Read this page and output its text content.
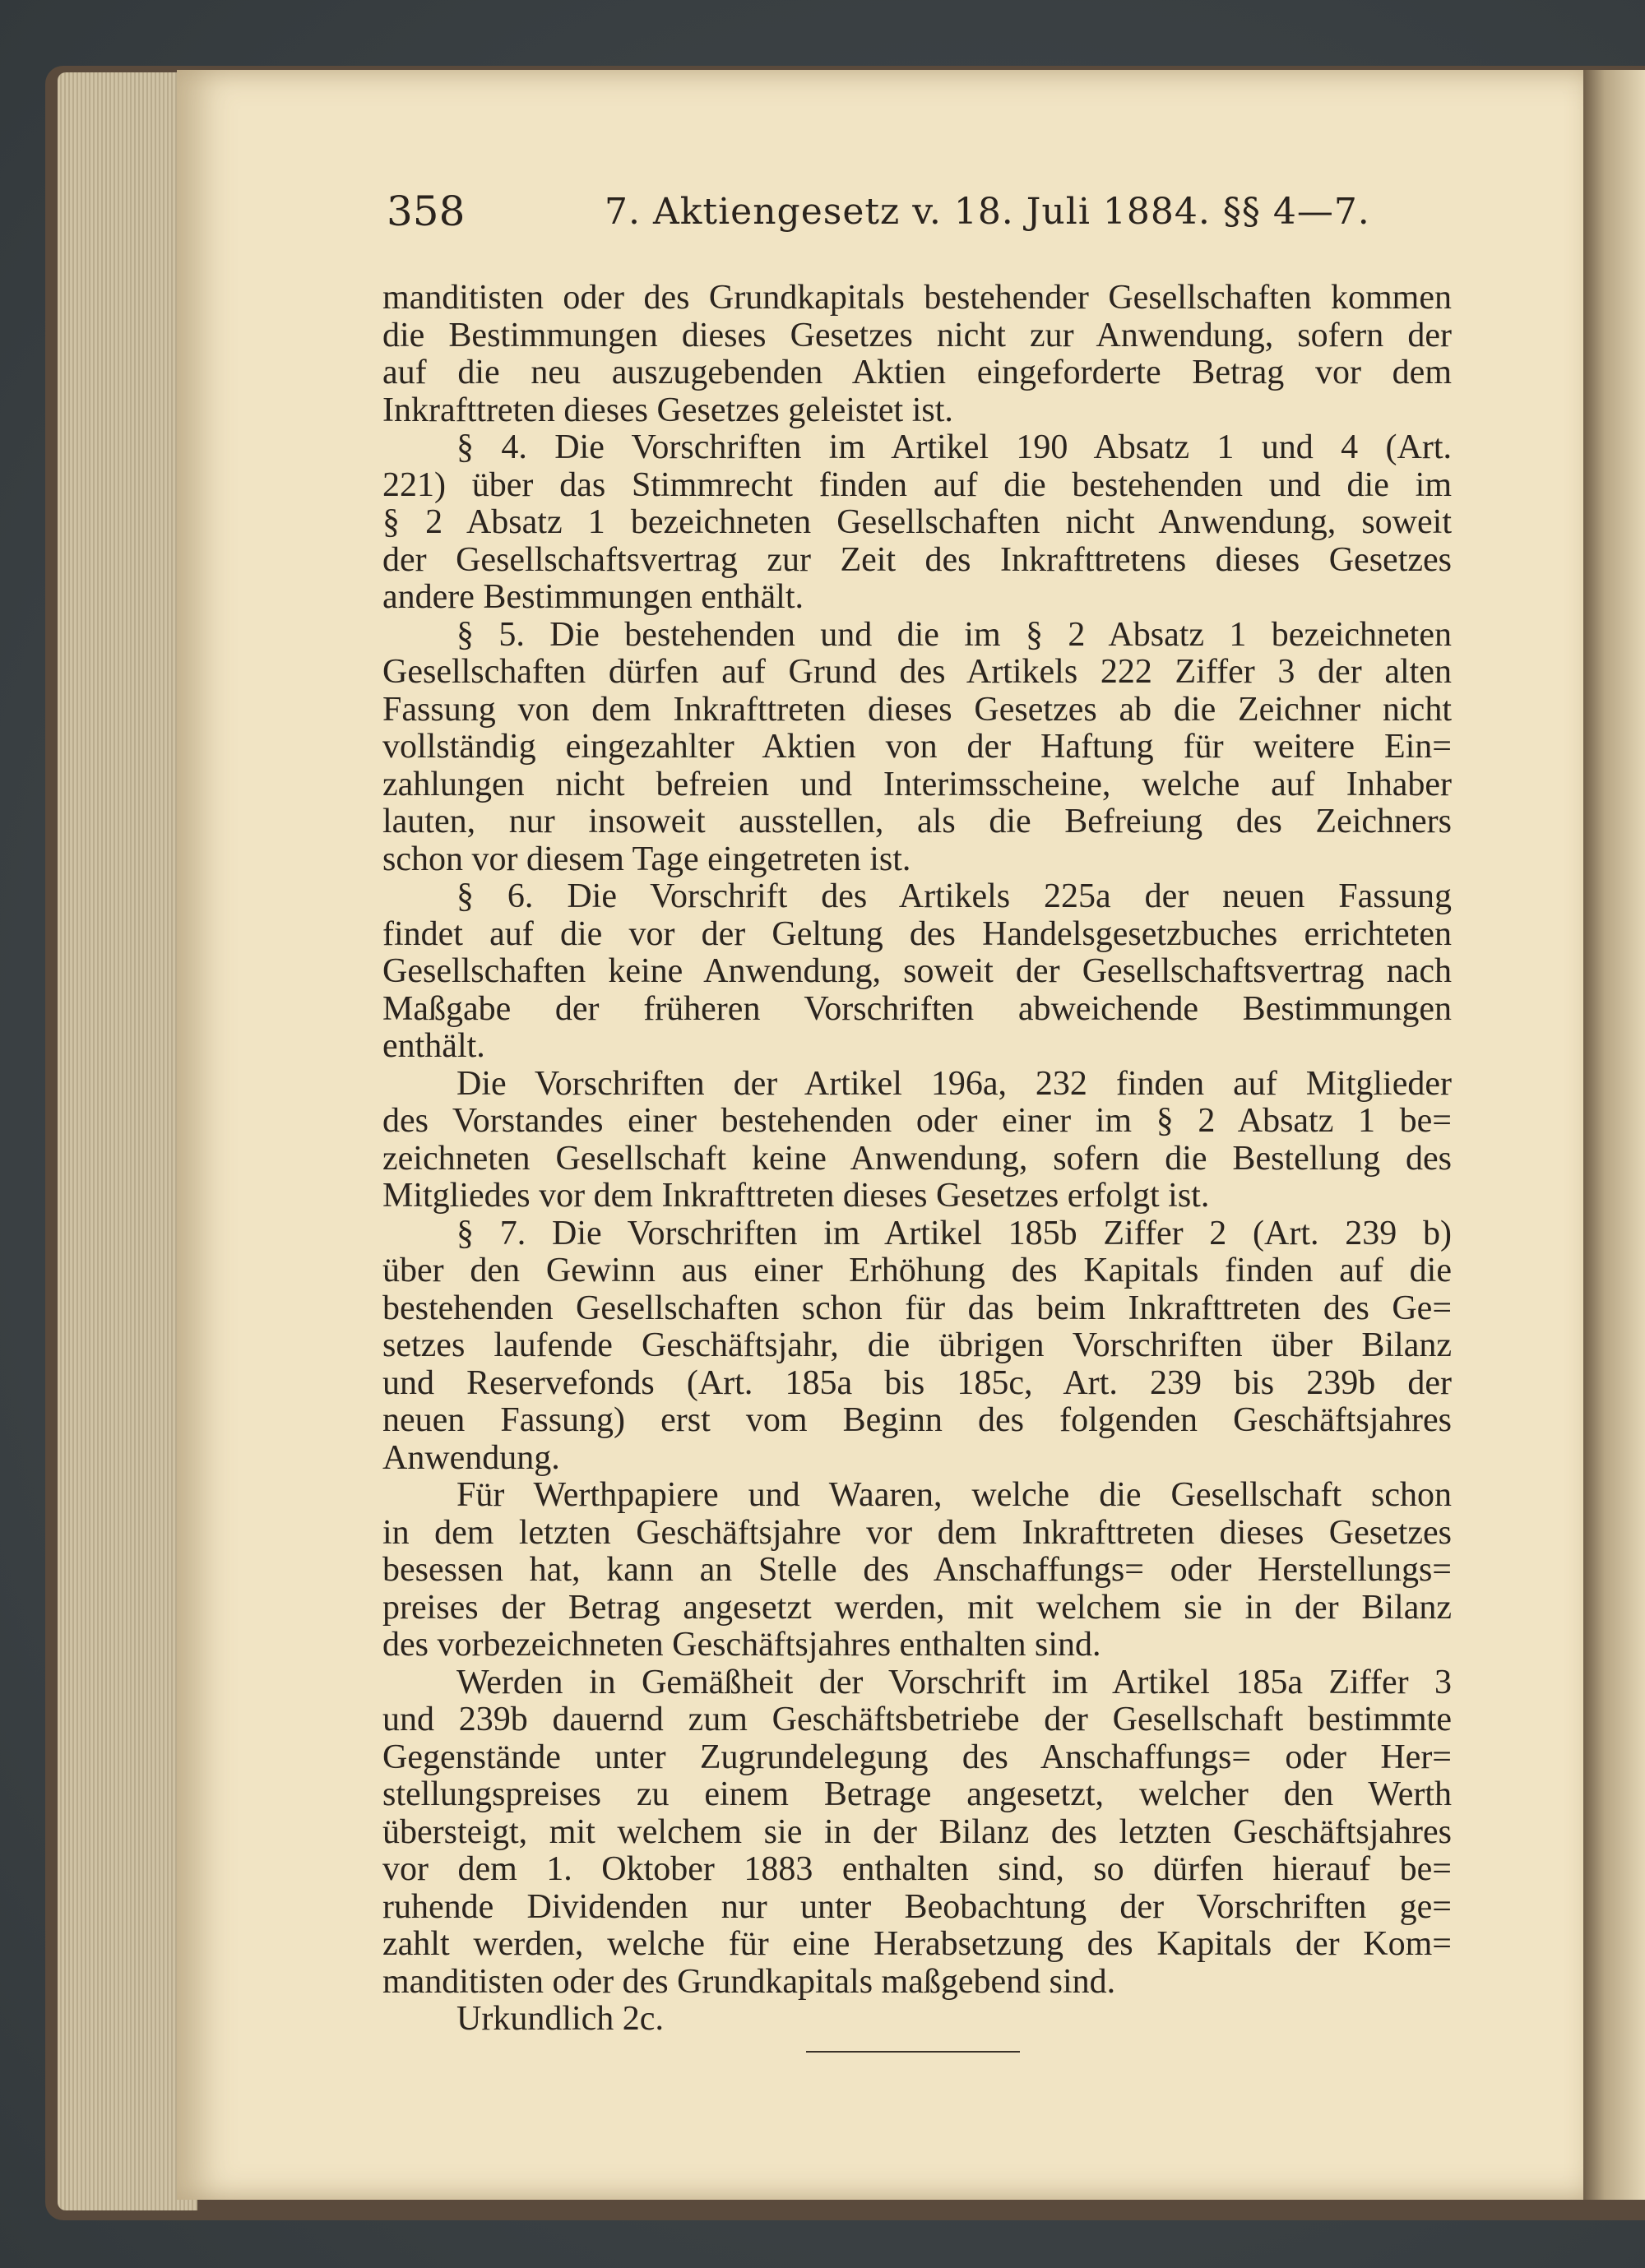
358	7. Aktiengesetz v. 18. Juli 1884. §§ 4—7.
manditisten oder des Grundkapitals bestehender Gesellschaften kommen
die Bestimmungen dieses Gesetzes nicht zur Anwendung, sofern der
auf die neu auszugebenden Aktien eingeforderte Betrag vor dem
Inkrafttreten dieses Gesetzes geleistet ist.
§ 4. Die Vorschriften im Artikel 190 Absatz 1 und 4 (Art.
221) über das Stimmrecht finden auf die bestehenden und die im
§ 2 Absatz 1 bezeichneten Gesellschaften nicht Anwendung, soweit
der Gesellschaftsvertrag zur Zeit des Inkrafttretens dieses Gesetzes
andere Bestimmungen enthält.
§ 5. Die bestehenden und die im § 2 Absatz 1 bezeichneten
Gesellschaften dürfen auf Grund des Artikels 222 Ziffer 3 der alten
Fassung von dem Inkrafttreten dieses Gesetzes ab die Zeichner nicht
vollständig eingezahlter Aktien von der Haftung für weitere Ein=
zahlungen nicht befreien und Interimsscheine, welche auf Inhaber
lauten, nur insoweit ausstellen, als die Befreiung des Zeichners
schon vor diesem Tage eingetreten ist.
§ 6. Die Vorschrift des Artikels 225a der neuen Fassung
findet auf die vor der Geltung des Handelsgesetzbuches errichteten
Gesellschaften keine Anwendung, soweit der Gesellschaftsvertrag nach
Maßgabe der früheren Vorschriften abweichende Bestimmungen
enthält.
Die Vorschriften der Artikel 196a, 232 finden auf Mitglieder
des Vorstandes einer bestehenden oder einer im § 2 Absatz 1 be=
zeichneten Gesellschaft keine Anwendung, sofern die Bestellung des
Mitgliedes vor dem Inkrafttreten dieses Gesetzes erfolgt ist.
§ 7. Die Vorschriften im Artikel 185b Ziffer 2 (Art. 239 b)
über den Gewinn aus einer Erhöhung des Kapitals finden auf die
bestehenden Gesellschaften schon für das beim Inkrafttreten des Ge=
setzes laufende Geschäftsjahr, die übrigen Vorschriften über Bilanz
und Reservefonds (Art. 185a bis 185c, Art. 239 bis 239b der
neuen Fassung) erst vom Beginn des folgenden Geschäftsjahres
Anwendung.
Für Werthpapiere und Waaren, welche die Gesellschaft schon
in dem letzten Geschäftsjahre vor dem Inkrafttreten dieses Gesetzes
besessen hat, kann an Stelle des Anschaffungs= oder Herstellungs=
preises der Betrag angesetzt werden, mit welchem sie in der Bilanz
des vorbezeichneten Geschäftsjahres enthalten sind.
Werden in Gemäßheit der Vorschrift im Artikel 185a Ziffer 3
und 239b dauernd zum Geschäftsbetriebe der Gesellschaft bestimmte
Gegenstände unter Zugrundelegung des Anschaffungs= oder Her=
stellungspreises zu einem Betrage angesetzt, welcher den Werth
übersteigt, mit welchem sie in der Bilanz des letzten Geschäftsjahres
vor dem 1. Oktober 1883 enthalten sind, so dürfen hierauf be=
ruhende Dividenden nur unter Beobachtung der Vorschriften ge=
zahlt werden, welche für eine Herabsetzung des Kapitals der Kom=
manditisten oder des Grundkapitals maßgebend sind.
Urkundlich 2c.
